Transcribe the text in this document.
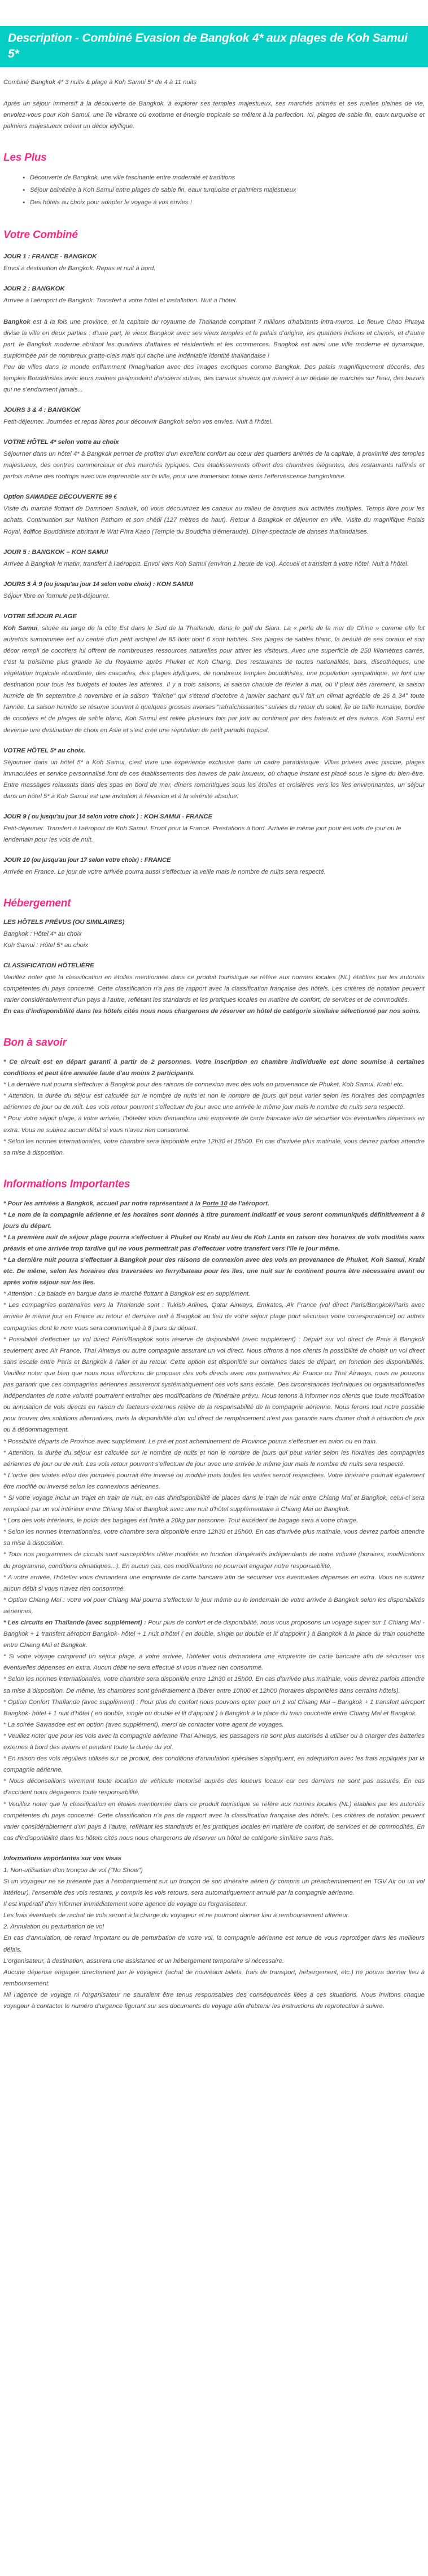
Description - Combiné Evasion de Bangkok 4* aux plages de Koh Samui 5*

Combiné Bangkok 4* 3 nuits & plage à Koh Samui 5* de 4 à 11 nuits

Après un séjour immersif à la découverte de Bangkok, à explorer ses temples majestueux, ses marchés animés et ses ruelles pleines de vie, envolez-vous pour Koh Samui, une île vibrante où exotisme et énergie tropicale se mêlent à la perfection. Ici, plages de sable fin, eaux turquoise et palmiers majestueux créent un décor idyllique.

Les Plus
• Découverte de Bangkok, une ville fascinante entre modernité et traditions
• Séjour balnéaire à Koh Samui entre plages de sable fin, eaux turquoise et palmiers majestueux
• Des hôtels au choix pour adapter le voyage à vos envies !
Votre Combiné
JOUR 1 : FRANCE - BANGKOK

Envol à destination de Bangkok. Repas et nuit à bord.

JOUR 2 : BANGKOK

Arrivée à l'aéroport de Bangkok. Transfert à votre hôtel et installation. Nuit à l'hôtel.

Bangkok est à la fois une province, et la capitale du royaume de Thaïlande comptant 7 millions d'habitants intra-muros. Le fleuve Chao Phraya divise la ville en deux parties : d'une part, le vieux Bangkok avec ses vieux temples et le palais d'origine, les quartiers indiens et chinois, et d'autre part, le Bangkok moderne abritant les quartiers d'affaires et résidentiels et les commerces. Bangkok est ainsi une ville moderne et dynamique, surplombée par de nombreux gratte-ciels mais qui cache une indéniable identité thaïlandaise !

Peu de villes dans le monde enflamment l'imagination avec des images exotiques comme Bangkok. Des palais magnifiquement décorés, des temples Bouddhistes avec leurs moines psalmodiant d'anciens sutras, des canaux sinueux qui mènent à un dédale de marchés sur l'eau, des bazars qui ne s'endorment jamais...

JOURS 3 & 4 : BANGKOK

Petit-déjeuner. Journées et repas libres pour découvrir Bangkok selon vos envies. Nuit à l'hôtel.

VOTRE HÔTEL 4* selon votre au choix

Séjourner dans un hôtel 4* à Bangkok permet de profiter d'un excellent confort au cœur des quartiers animés de la capitale, à proximité des temples majestueux, des centres commerciaux et des marchés typiques. Ces établissements offrent des chambres élégantes, des restaurants raffinés et parfois même des rooftops avec vue imprenable sur la ville, pour une immersion totale dans l'effervescence bangkokoise.

Option SAWADEE DÉCOUVERTE 99 €

Visite du marché flottant de Damnoen Saduak, où vous découvrirez les canaux au milieu de barques aux activités multiples. Temps libre pour les achats. Continuation sur Nakhon Pathom et son chédi (127 mètres de haut). Retour à Bangkok et déjeuner en ville. Visite du magnifique Palais Royal, édifice Bouddhiste abritant le Wat Phra Kaeo (Temple du Bouddha d'émeraude). Dîner-spectacle de danses thaïlandaises.

JOUR 5 : BANGKOK – KOH SAMUI

Arrivée à Bangkok le matin, transfert à l'aéroport. Envol vers Koh Samui (environ 1 heure de vol). Accueil et transfert à votre hôtel. Nuit à l'hôtel.

JOURS 5 À 9 (ou jusqu'au jour 14 selon votre choix) : KOH SAMUI

Séjour libre en formule petit-déjeuner.

VOTRE SÉJOUR PLAGE

Koh Samui, située au large de la côte Est dans le Sud de la Thaïlande, dans le golf du Siam. La « perle de la mer de Chine » comme elle fut autrefois surnommée est au centre d'un petit archipel de 85 îlots dont 6 sont habités. Ses plages de sables blanc, la beauté de ses coraux et son décor rempli de cocotiers lui offrent de nombreuses ressources naturelles pour attirer les visiteurs. Avec une superficie de 250 kilomètres carrés, c'est la troisième plus grande île du Royaume après Phuket et Koh Chang. Des restaurants de toutes nationalités, bars, discothèques, une végétation tropicale abondante, des cascades, des plages idylliques, de nombreux temples bouddhistes, une population sympathique, en font une destination pour tous les budgets et toutes les attentes. Il y a trois saisons, la saison chaude de février à mai, où il pleut très rarement, la saison humide de fin septembre à novembre et la saison "fraîche" qui s'étend d'octobre à janvier sachant qu'il fait un climat agréable de 26 à 34° toute l'année. La saison humide se résume souvent à quelques grosses averses "rafraîchissantes" suivies du retour du soleil. Île de taille humaine, bordée de cocotiers et de plages de sable blanc, Koh Samui est reliée plusieurs fois par jour au continent par des bateaux et des avions. Koh Samui est devenue une destination de choix en Asie et s'est créé une réputation de petit paradis tropical.

VOTRE HÔTEL 5* au choix.

Séjourner dans un hôtel 5* à Koh Samui, c'est vivre une expérience exclusive dans un cadre paradisiaque. Villas privées avec piscine, plages immaculées et service personnalisé font de ces établissements des havres de paix luxueux, où chaque instant est placé sous le signe du bien-être. Entre massages relaxants dans des spas en bord de mer, dîners romantiques sous les étoiles et croisières vers les îles environnantes, un séjour dans un hôtel 5* à Koh Samui est une invitation à l'évasion et à la sérénité absolue.

JOUR 9 ( ou jusqu'au jour 14 selon votre choix ) : KOH SAMUI - FRANCE

Petit-déjeuner. Transfert à l'aéroport de Koh Samui. Envol pour la France. Prestations à bord. Arrivée le même jour pour les vols de jour ou le lendemain pour les vols de nuit.

JOUR 10 (ou jusqu'au jour 17 selon votre choix) : FRANCE

Arrivée en France. Le jour de votre arrivée pourra aussi s'effectuer la veille mais le nombre de nuits sera respecté.

Hébergement
LES HÔTELS PRÉVUS (OU SIMILAIRES)

Bangkok : Hôtel 4* au choix

Koh Samui : Hôtel 5* au choix

CLASSIFICATION HÔTELIÈRE

Veuillez noter que la classification en étoiles mentionnée dans ce produit touristique se réfère aux normes locales (NL) établies par les autorités compétentes du pays concerné. Cette classification n'a pas de rapport avec la classification française des hôtels. Les critères de notation peuvent varier considérablement d'un pays à l'autre, reflétant les standards et les pratiques locales en matière de confort, de services et de commodités.

En cas d'indisponibilité dans les hôtels cités nous nous chargerons de réserver un hôtel de catégorie similaire sélectionné par nos soins.

Bon à savoir

* Ce circuit est en départ garanti à partir de 2 personnes. Votre inscription en chambre individuelle est donc soumise à certaines conditions et peut être annulée faute d'au moins 2 participants.

* La dernière nuit pourra s'effectuer à Bangkok pour des raisons de connexion avec des vols en provenance de Phuket, Koh Samui, Krabi etc.

* Attention, la durée du séjour est calculée sur le nombre de nuits et non le nombre de jours qui peut varier selon les horaires des compagnies aériennes de jour ou de nuit. Les vols retour pourront s'effectuer de jour avec une arrivée le même jour mais le nombre de nuits sera respecté.

* Pour votre séjour plage, à votre arrivée, l'hôtelier vous demandera une empreinte de carte bancaire afin de sécuriser vos éventuelles dépenses en extra. Vous ne subirez aucun débit si vous n'avez rien consommé.

* Selon les normes internationales, votre chambre sera disponible entre 12h30 et 15h00. En cas d'arrivée plus matinale, vous devrez parfois attendre sa mise à disposition.

Informations Importantes

* Pour les arrivées à Bangkok, accueil par notre représentant à la Porte 10 de l'aéroport.

* Le nom de la compagnie aérienne et les horaires sont donnés à titre purement indicatif et vous seront communiqués définitivement à 8 jours du départ.

* La première nuit de séjour plage pourra s'effectuer à Phuket ou Krabi au lieu de Koh Lanta en raison des horaires de vols modifiés sans préavis et une arrivée trop tardive qui ne vous permettrait pas d'effectuer votre transfert vers l'île le jour même.

* La dernière nuit pourra s'effectuer à Bangkok pour des raisons de connexion avec des vols en provenance de Phuket, Koh Samui, Krabi etc. De même, selon les horaires des traversées en ferry/bateau pour les îles, une nuit sur le continent pourra être nécessaire avant ou après votre séjour sur les îles.

* Attention : La balade en barque dans le marché flottant à Bangkok est en supplément.

* Les compagnies partenaires vers la Thaïlande sont : Tukish Arlines, Qatar Airways, Emirates, Air France (vol direct Paris/Bangkok/Paris avec arrivée le même jour en France au retour et dernière nuit à Bangkok au lieu de votre séjour plage pour sécuriser votre correspondance) ou autres compagnies dont le nom vous sera communiqué à 8 jours du départ.

* Possibilité d'effectuer un vol direct Paris/Bangkok sous réserve de disponibilité (avec supplément) : Départ sur vol direct de Paris à Bangkok seulement avec Air France, Thaï Airways ou autre compagnie assurant un vol direct. Nous offrons à nos clients la possibilité de choisir un vol direct sans escale entre Paris et Bangkok à l'aller et au retour. Cette option est disponible sur certaines dates de départ, en fonction des disponibilités. Veuillez noter que bien que nous nous efforcions de proposer des vols directs avec nos partenaires Air France ou Thaï Airways, nous ne pouvons pas garantir que ces compagnies aériennes assureront systématiquement ces vols sans escale. Des circonstances techniques ou organisationnelles indépendantes de notre volonté pourraient entraîner des modifications de l'itinéraire prévu. Nous tenons à informer nos clients que toute modification ou annulation de vols directs en raison de facteurs externes relève de la responsabilité de la compagnie aérienne. Nous ferons tout notre possible pour trouver des solutions alternatives, mais la disponibilité d'un vol direct de remplacement n'est pas garantie sans donner droit à réduction de prix ou à dédommagement.

* Possibilité départs de Province avec supplément. Le pré et post acheminement de Province pourra s'effectuer en avion ou en train.

* Attention, la durée du séjour est calculée sur le nombre de nuits et non le nombre de jours qui peut varier selon les horaires des compagnies aériennes de jour ou de nuit. Les vols retour pourront s'effectuer de jour avec une arrivée le même jour mais le nombre de nuits sera respecté.

* L'ordre des visites et/ou des journées pourrait être inversé ou modifié mais toutes les visites seront respectées. Votre itinéraire pourrait également être modifié ou inversé selon les connexions aériennes.

* Si votre voyage inclut un trajet en train de nuit, en cas d'indisponibilité de places dans le train de nuit entre Chiang Mai et Bangkok, celui-ci sera remplacé par un vol intérieur entre Chiang Mai et Bangkok avec une nuit d'hôtel supplémentaire à Chiang Mai ou Bangkok.

* Lors des vols intérieurs, le poids des bagages est limité à 20kg par personne. Tout excédent de bagage sera à votre charge.

* Selon les normes internationales, votre chambre sera disponible entre 12h30 et 15h00. En cas d'arrivée plus matinale, vous devrez parfois attendre sa mise à disposition.

* Tous nos programmes de circuits sont susceptibles d'être modifiés en fonction d'impératifs indépendants de notre volonté (horaires, modifications du programme, conditions climatiques...). En aucun cas, ces modifications ne pourront engager notre responsabilité.

* A votre arrivée, l'hôtelier vous demandera une empreinte de carte bancaire afin de sécuriser vos éventuelles dépenses en extra. Vous ne subirez aucun débit si vous n'avez rien consommé.

* Option Chiang Mai : votre vol pour Chiang Mai pourra s'effectuer le jour même ou le lendemain de votre arrivée à Bangkok selon les disponibilités aériennes.

* Les circuits en Thaïlande (avec supplément) : Pour plus de confort et de disponibilité, nous vous proposons un voyage super sur 1 Chiang Mai - Bangkok + 1 transfert aéroport Bangkok- hôtel + 1 nuit d'hôtel ( en double, single ou double et lit d'appoint ) à Bangkok à la place du train couchette entre Chiang Mai et Bangkok.

* Si votre voyage comprend un séjour plage, à votre arrivée, l'hôtelier vous demandera une empreinte de carte bancaire afin de sécuriser vos éventuelles dépenses en extra. Aucun débit ne sera effectué si vous n'avez rien consommé.

* Selon les normes internationales, votre chambre sera disponible entre 12h30 et 15h00. En cas d'arrivée plus matinale, vous devrez parfois attendre sa mise à disposition. De même, les chambres sont généralement à libérer entre 10h00 et 12h00 (horaires disponibles dans certains hôtels).

* Option Confort Thaïlande (avec supplément) : Pour plus de confort nous pouvons opter pour un 1 vol Chiang Mai – Bangkok + 1 transfert aéroport Bangkok- hôtel + 1 nuit d'hôtel ( en double, single ou double et lit d'appoint ) à Bangkok à la place du train couchette entre Chiang Mai et Bangkok.

* La soirée Sawasdee est en option (avec supplément), merci de contacter votre agent de voyages.

* Veuillez noter que pour les vols avec la compagnie aérienne Thaï Airways, les passagers ne sont plus autorisés à utiliser ou à charger des batteries externes à bord des avions et pendant toute la durée du vol.

* En raison des vols réguliers utilisés sur ce produit, des conditions d'annulation spéciales s'appliquent, en adéquation avec les frais appliqués par la compagnie aérienne.

* Nous déconseillons vivement toute location de véhicule motorisé auprès des loueurs locaux car ces derniers ne sont pas assurés. En cas d'accident nous dégageons toute responsabilité.

* Veuillez noter que la classification en étoiles mentionnée dans ce produit touristique se réfère aux normes locales (NL) établies par les autorités compétentes du pays concerné. Cette classification n'a pas de rapport avec la classification française des hôtels. Les critères de notation peuvent varier considérablement d'un pays à l'autre, reflétant les standards et les pratiques locales en matière de confort, de services et de commodités. En cas d'indisponibilité dans les hôtels cités nous nous chargerons de réserver un hôtel de catégorie similaire sans frais.

Informations importantes sur vos visas

1. Non-utilisation d'un tronçon de vol ("No Show")

Si un voyageur ne se présente pas à l'embarquement sur un tronçon de son itinéraire aérien (y compris un préacheminement en TGV Air ou un vol intérieur), l'ensemble des vols restants, y compris les vols retours, sera automatiquement annulé par la compagnie aérienne.

Il est impératif d'en informer immédiatement votre agence de voyage ou l'organisateur.

Les frais éventuels de rachat de vols seront à la charge du voyageur et ne pourront donner lieu à remboursement ultérieur.

2. Annulation ou perturbation de vol

En cas d'annulation, de retard important ou de perturbation de votre vol, la compagnie aérienne est tenue de vous reprotéger dans les meilleurs délais.

L'organisateur, à destination, assurera une assistance et un hébergement temporaire si nécessaire.

Aucune dépense engagée directement par le voyageur (achat de nouveaux billets, frais de transport, hébergement, etc.) ne pourra donner lieu à remboursement.

Nil l'agence de voyage ni l'organisateur ne sauraient être tenus responsables des conséquences liées à ces situations. Nous invitons chaque voyageur à contacter le numéro d'urgence figurant sur ses documents de voyage afin d'obtenir les instructions de reprotection à suivre.
